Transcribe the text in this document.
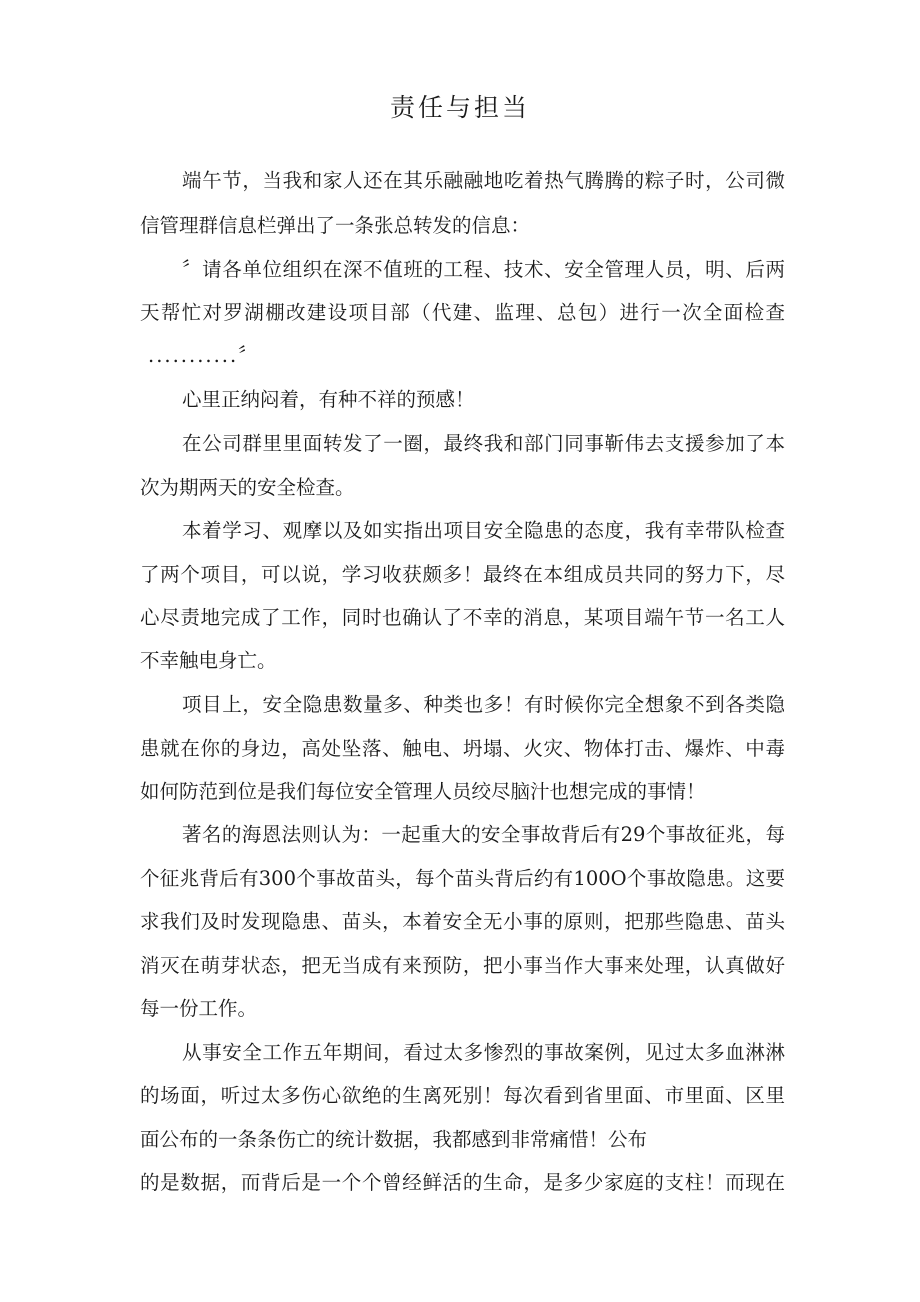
责任与担当
端午节，当我和家人还在其乐融融地吃着热气腾腾的粽子时，公司微
信管理群信息栏弹出了一条张总转发的信息：
〞请各单位组织在深不值班的工程、技术、安全管理人员，明、后两
天帮忙对罗湖棚改建设项目部（代建、监理、总包）进行一次全面检查
...........〞
心里正纳闷着，有种不祥的预感！
在公司群里里面转发了一圈，最终我和部门同事靳伟去支援参加了本
次为期两天的安全检查。
本着学习、观摩以及如实指出项目安全隐患的态度，我有幸带队检查
了两个项目，可以说，学习收获颇多！最终在本组成员共同的努力下，尽
心尽责地完成了工作，同时也确认了不幸的消息，某项目端午节一名工人
不幸触电身亡。
项目上，安全隐患数量多、种类也多！有时候你完全想象不到各类隐
患就在你的身边，高处坠落、触电、坍塌、火灾、物体打击、爆炸、中毒
如何防范到位是我们每位安全管理人员绞尽脑汁也想完成的事情！
著名的海恩法则认为：一起重大的安全事故背后有29个事故征兆，每
个征兆背后有300个事故苗头，每个苗头背后约有100O个事故隐患。这要
求我们及时发现隐患、苗头，本着安全无小事的原则，把那些隐患、苗头
消灭在萌芽状态，把无当成有来预防，把小事当作大事来处理，认真做好
每一份工作。
从事安全工作五年期间，看过太多惨烈的事故案例，见过太多血淋淋
的场面，听过太多伤心欲绝的生离死别！每次看到省里面、市里面、区里
面公布的一条条伤亡的统计数据，我都感到非常痛惜！公布
的是数据，而背后是一个个曾经鲜活的生命，是多少家庭的支柱！而现在
